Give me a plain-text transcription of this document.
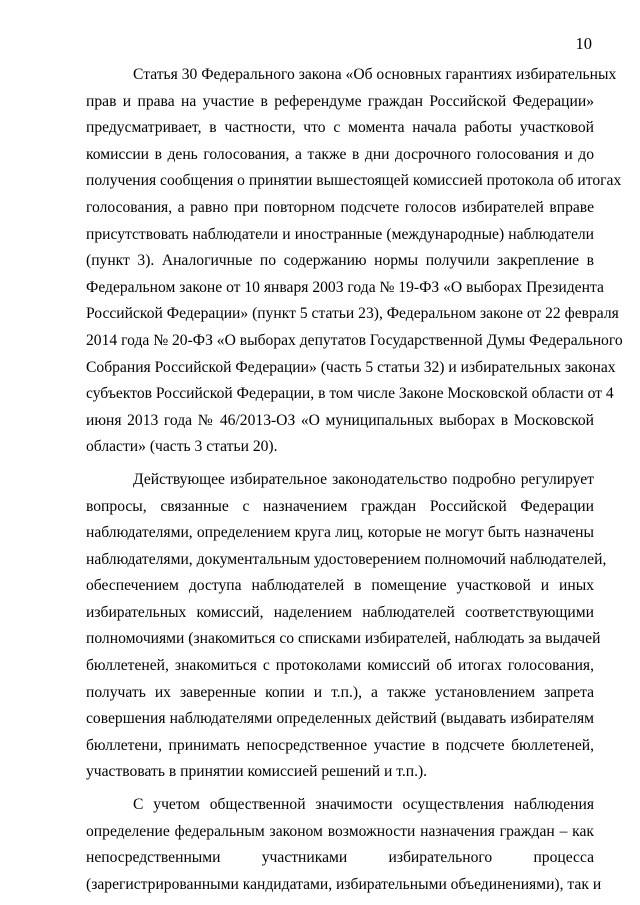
10
Статья 30 Федерального закона «Об основных гарантиях избирательных
прав и права на участие в референдуме граждан Российской Федерации»
предусматривает, в частности, что с момента начала работы участковой
комиссии в день голосования, а также в дни досрочного голосования и до
получения сообщения о принятии вышестоящей комиссией протокола об итогах
голосования, а равно при повторном подсчете голосов избирателей вправе
присутствовать наблюдатели и иностранные (международные) наблюдатели
(пункт 3). Аналогичные по содержанию нормы получили закрепление в
Федеральном законе от 10 января 2003 года № 19-ФЗ «О выборах Президента
Российской Федерации» (пункт 5 статьи 23), Федеральном законе от 22 февраля
2014 года № 20-ФЗ «О выборах депутатов Государственной Думы Федерального
Собрания Российской Федерации» (часть 5 статьи 32) и избирательных законах
субъектов Российской Федерации, в том числе Законе Московской области от 4
июня 2013 года № 46/2013-ОЗ «О муниципальных выборах в Московской
области» (часть 3 статьи 20).
Действующее избирательное законодательство подробно регулирует
вопросы, связанные с назначением граждан Российской Федерации
наблюдателями, определением круга лиц, которые не могут быть назначены
наблюдателями, документальным удостоверением полномочий наблюдателей,
обеспечением доступа наблюдателей в помещение участковой и иных
избирательных комиссий, наделением наблюдателей соответствующими
полномочиями (знакомиться со списками избирателей, наблюдать за выдачей
бюллетеней, знакомиться с протоколами комиссий об итогах голосования,
получать их заверенные копии и т.п.), а также установлением запрета
совершения наблюдателями определенных действий (выдавать избирателям
бюллетени, принимать непосредственное участие в подсчете бюллетеней,
участвовать в принятии комиссией решений и т.п.).
С учетом общественной значимости осуществления наблюдения
определение федеральным законом возможности назначения граждан – как
непосредственными участниками избирательного процесса
(зарегистрированными кандидатами, избирательными объединениями), так и
